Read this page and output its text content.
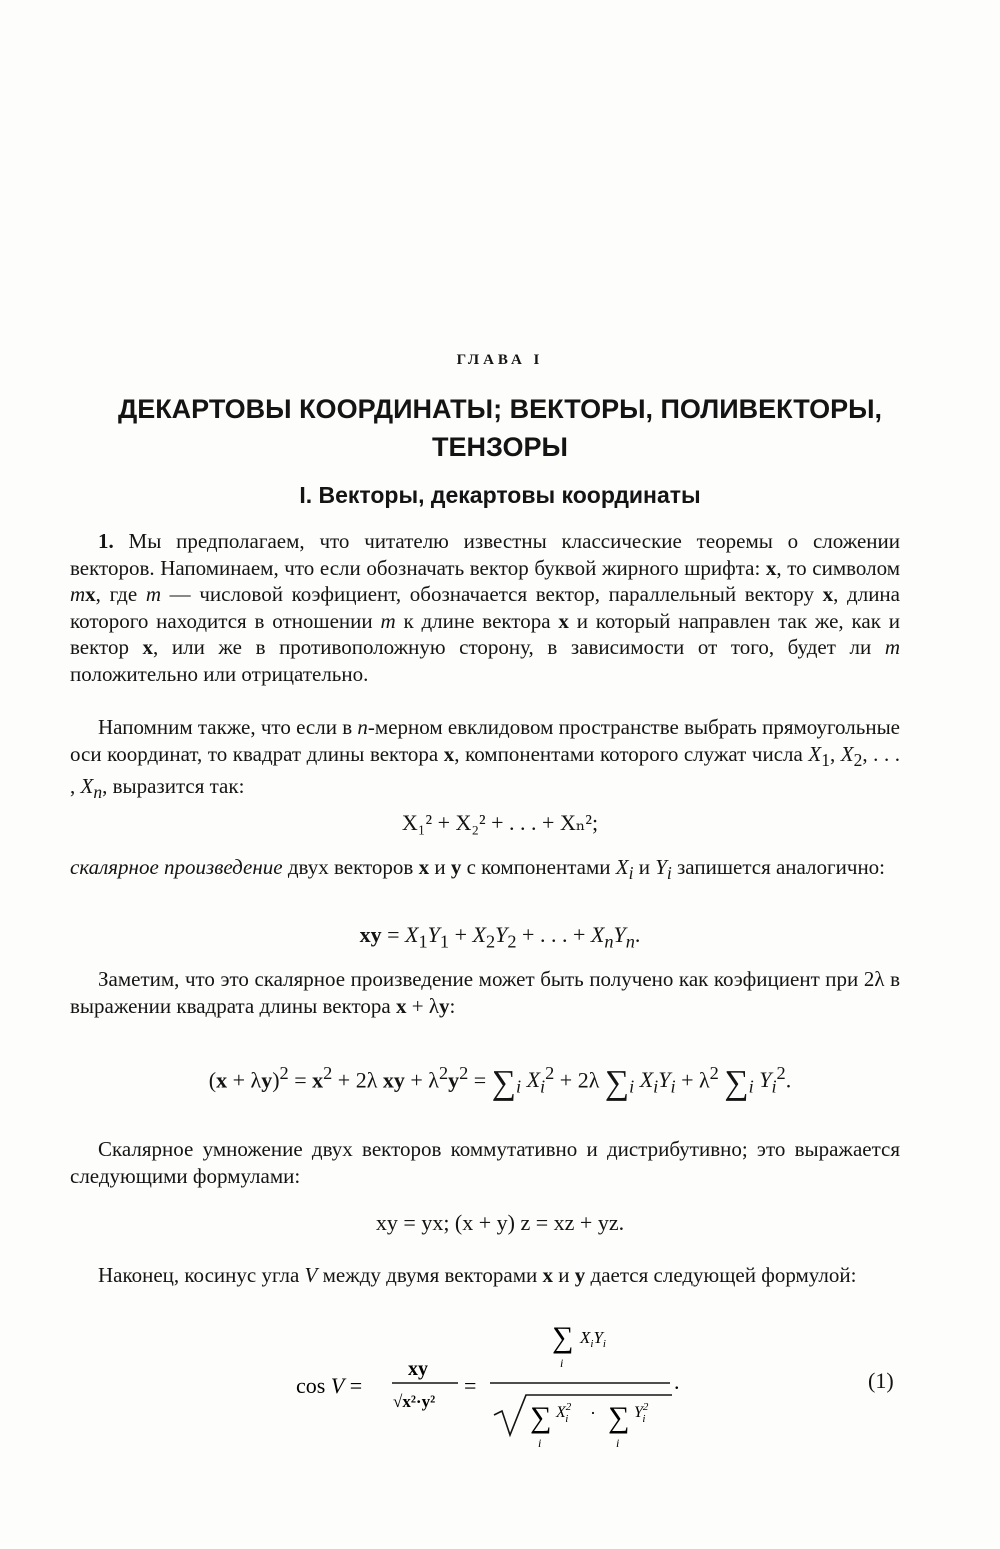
ГЛАВА I
ДЕКАРТОВЫ КООРДИНАТЫ; ВЕКТОРЫ, ПОЛИВЕКТОРЫ,
ТЕНЗОРЫ
I. Векторы, декартовы координаты
1. Мы предполагаем, что читателю известны классические теоремы о сложении векторов. Напоминаем, что если обозначать вектор буквой жирного шрифта: x, то символом mx, где m — числовой коэфициент, обозначается вектор, параллельный вектору x, длина которого находится в отношении m к длине вектора x и который направлен так же, как и вектор x, или же в противоположную сторону, в зависимости от того, будет ли m положительно или отрицательно.
Напомним также, что если в n-мерном евклидовом пространстве выбрать прямоугольные оси координат, то квадрат длины вектора x, компонентами которого служат числа $X_1$, $X_2$, . . . , $X_n$, выразится так:
X₁² + X₂² + . . . + Xₙ²;
скалярное произведение двух векторов x и y с компонентами $X_i$ и $Y_i$ запишется аналогично:
xy = $X_1Y_1 + X_2Y_2$ + . . . + $X_nY_n$.
Заметим, что это скалярное произведение может быть получено как коэфициент при 2λ в выражении квадрата длины вектора x + λy:
$(x + \lambda y)^2 = x^2 + 2\lambda$ xy + $\lambda^2y^2 = \sum_i$ $X_i^2 + 2\lambda$ $\sum_i$ $X_iY_i + \lambda^2$ $\sum_i$ $Y_i^2$.
Скалярное умножение двух векторов коммутативно и дистрибутивно; это выражается следующими формулами:
xy = yx; (x + y) z = xz + yz.
Наконец, косинус угла V между двумя векторами x и y дается следующей формулой:
cos V =
xy
√x²·y²
=
∑ $X_iY_i$
i
∑ $X^2$ i
i
· ∑ $Y^2$ i
i
.	(1)
